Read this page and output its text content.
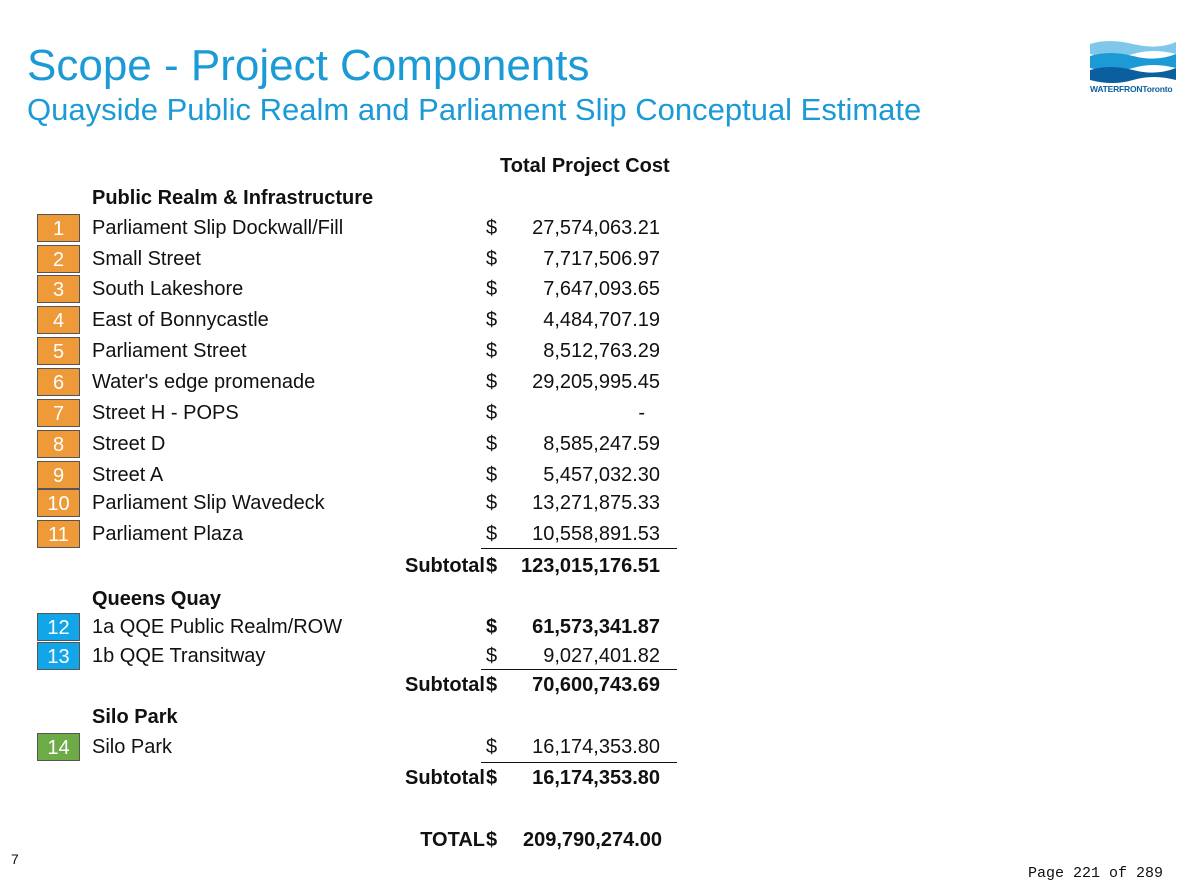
Scope - Project Components
Quayside Public Realm and Parliament Slip Conceptual Estimate
WATERFRONToronto
Total Project Cost
Public Realm & Infrastructure
1	Parliament Slip Dockwall/Fill	$ 27,574,063.21
2	Small Street	$ 7,717,506.97
3	South Lakeshore	$ 7,647,093.65
4	East of Bonnycastle	$ 4,484,707.19
5	Parliament Street	$ 8,512,763.29
6	Water's edge promenade	$ 29,205,995.45
7	Street H - POPS	$	-
8	Street D	$ 8,585,247.59
9	Street A	$ 5,457,032.30
10	Parliament Slip Wavedeck	$ 13,271,875.33
11	Parliament Plaza	$ 10,558,891.53
Subtotal $ 123,015,176.51
Queens Quay
12	1a QQE Public Realm/ROW	$ 61,573,341.87
13	1b QQE Transitway	$ 9,027,401.82
Subtotal $ 70,600,743.69
Silo Park
14	Silo Park	$ 16,174,353.80
Subtotal $ 16,174,353.80
TOTAL $ 209,790,274.00
7
Page 221 of 289
